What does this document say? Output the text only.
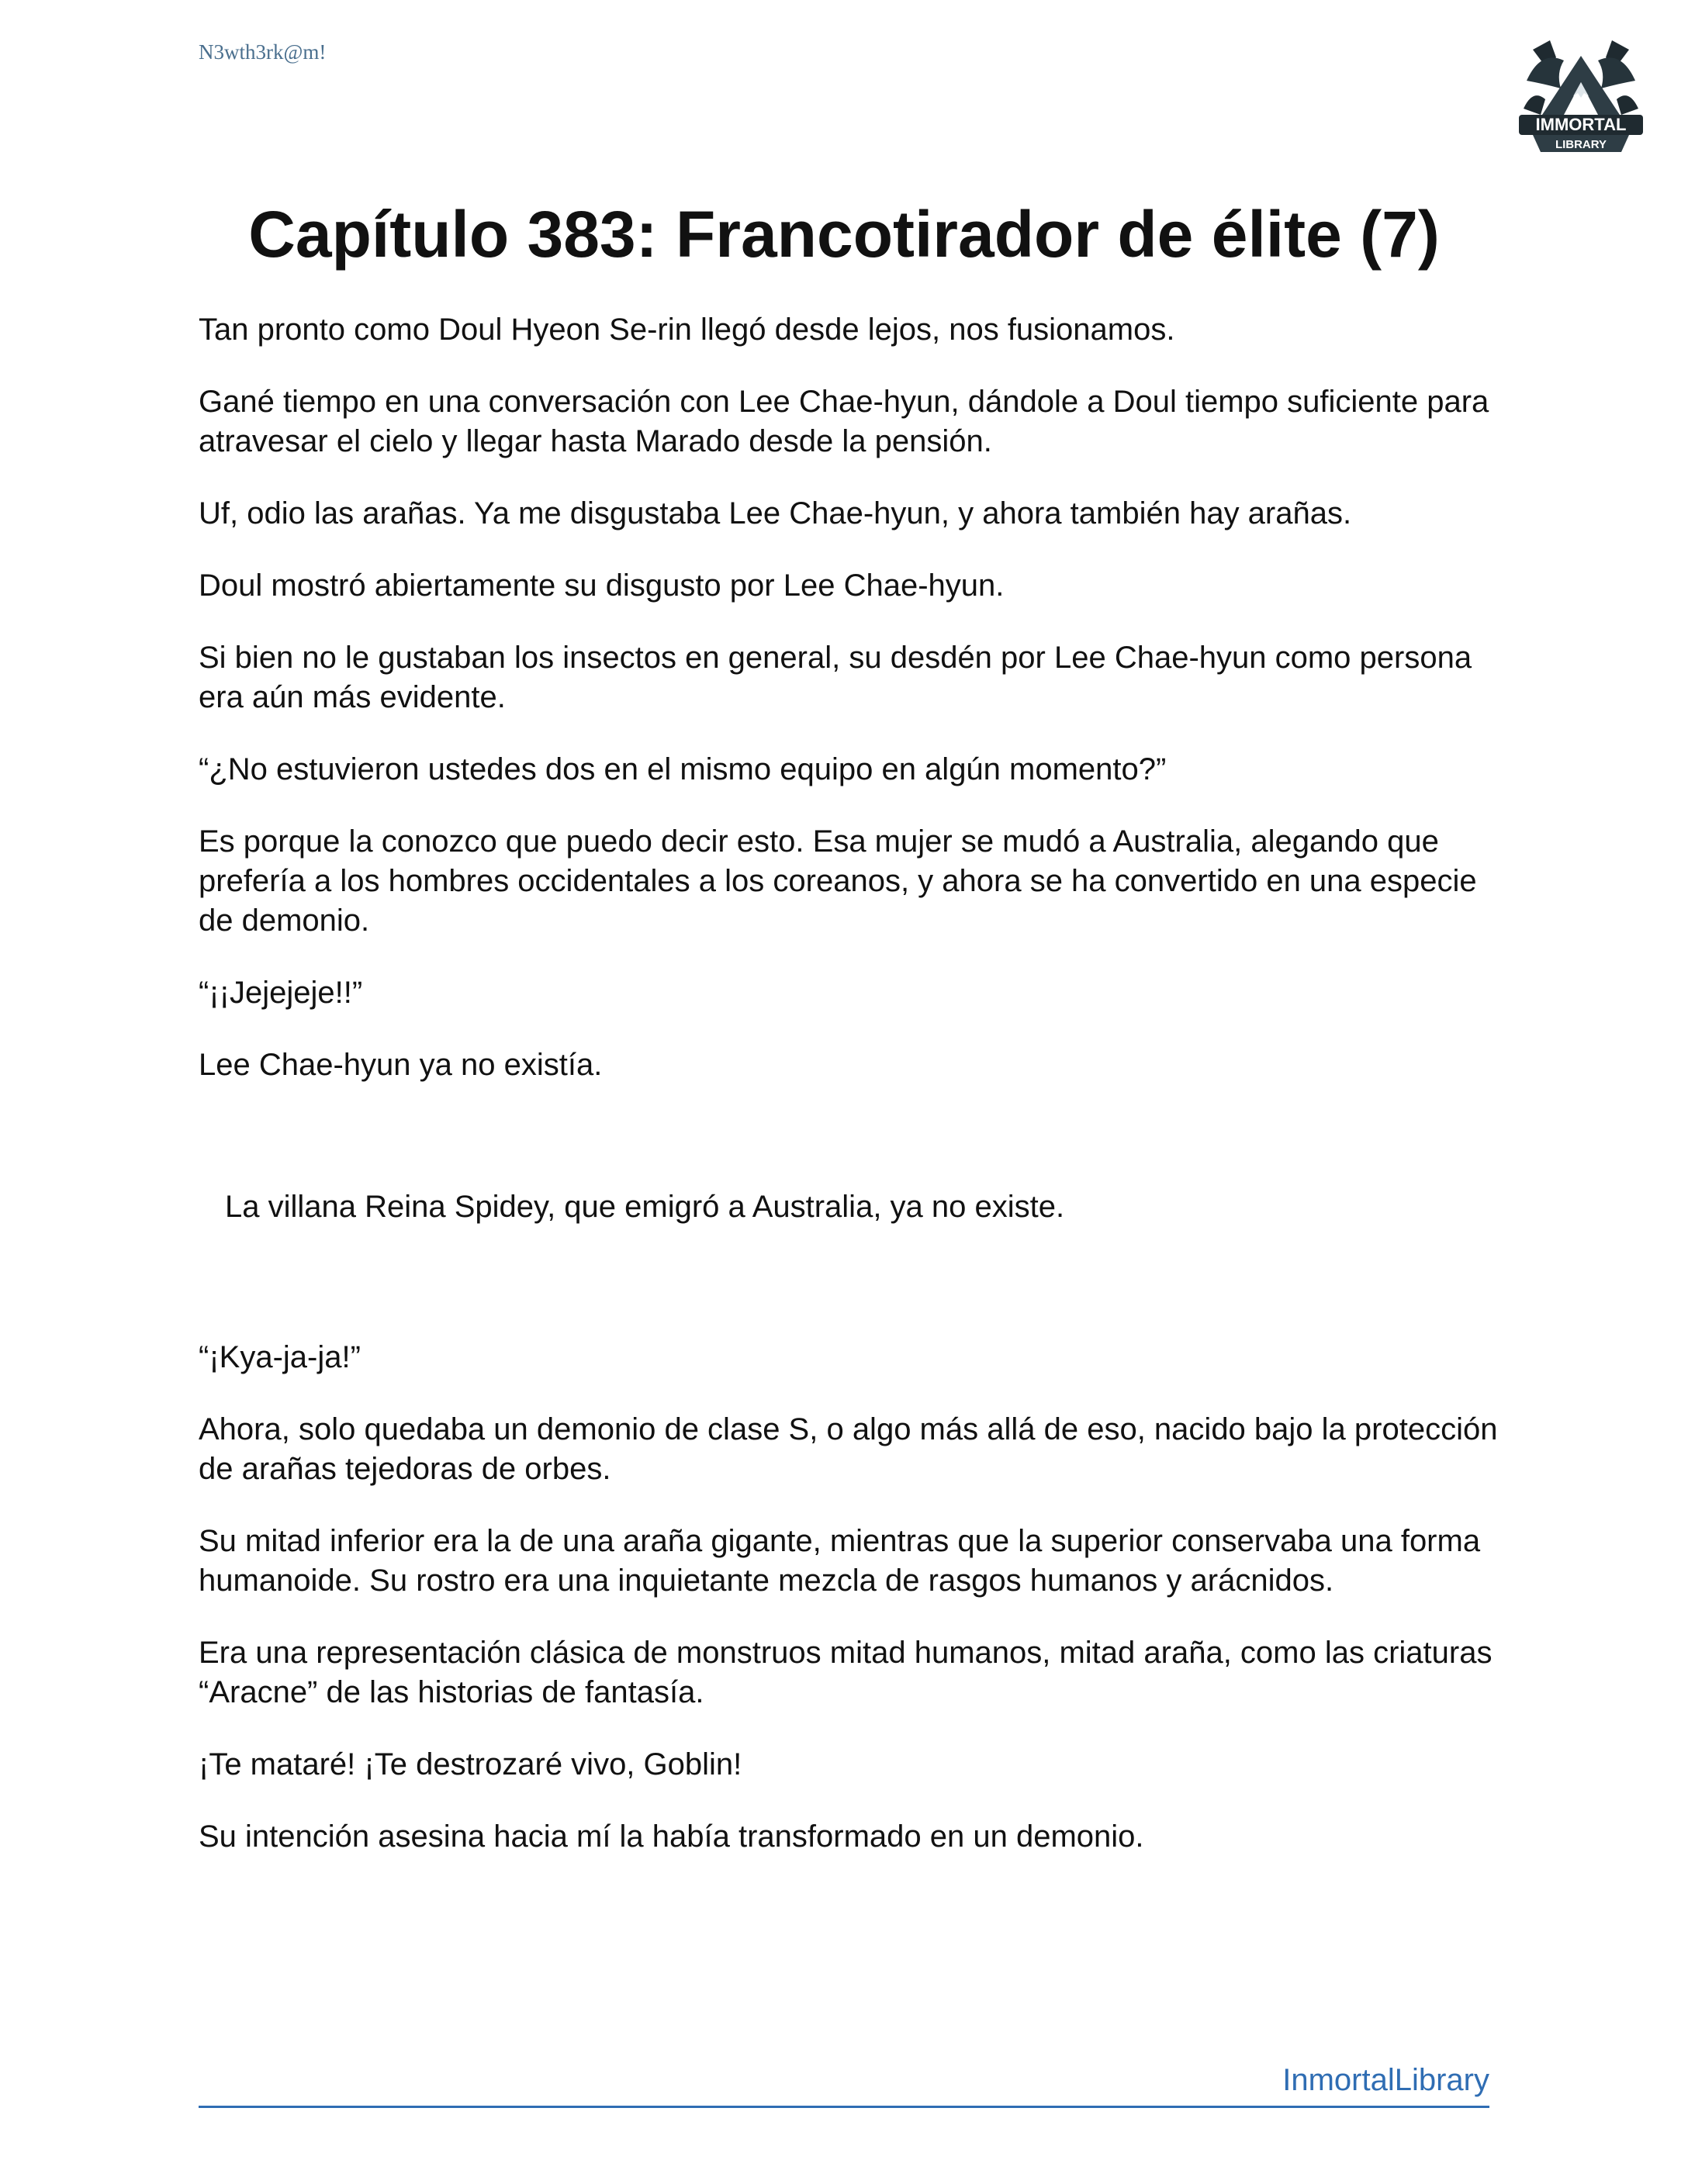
N3wth3rk@m!
IMMORTAL
LIBRARY
Capítulo 383: Francotirador de élite (7)

Tan pronto como Doul Hyeon Se-rin llegó desde lejos, nos fusionamos.

Gané tiempo en una conversación con Lee Chae-hyun, dándole a Doul tiempo suficiente para atravesar el cielo y llegar hasta Marado desde la pensión.

Uf, odio las arañas. Ya me disgustaba Lee Chae-hyun, y ahora también hay arañas.

Doul mostró abiertamente su disgusto por Lee Chae-hyun.

Si bien no le gustaban los insectos en general, su desdén por Lee Chae-hyun como persona era aún más evidente.

“¿No estuvieron ustedes dos en el mismo equipo en algún momento?”

Es porque la conozco que puedo decir esto. Esa mujer se mudó a Australia, alegando que prefería a los hombres occidentales a los coreanos, y ahora se ha convertido en una especie de demonio.

“¡¡Jejejeje!!”

Lee Chae-hyun ya no existía.

La villana Reina Spidey, que emigró a Australia, ya no existe.

“¡Kya-ja-ja!”

Ahora, solo quedaba un demonio de clase S, o algo más allá de eso, nacido bajo la protección de arañas tejedoras de orbes.

Su mitad inferior era la de una araña gigante, mientras que la superior conservaba una forma humanoide. Su rostro era una inquietante mezcla de rasgos humanos y arácnidos.

Era una representación clásica de monstruos mitad humanos, mitad araña, como las criaturas “Aracne” de las historias de fantasía.

¡Te mataré! ¡Te destrozaré vivo, Goblin!

Su intención asesina hacia mí la había transformado en un demonio.

InmortalLibrary
